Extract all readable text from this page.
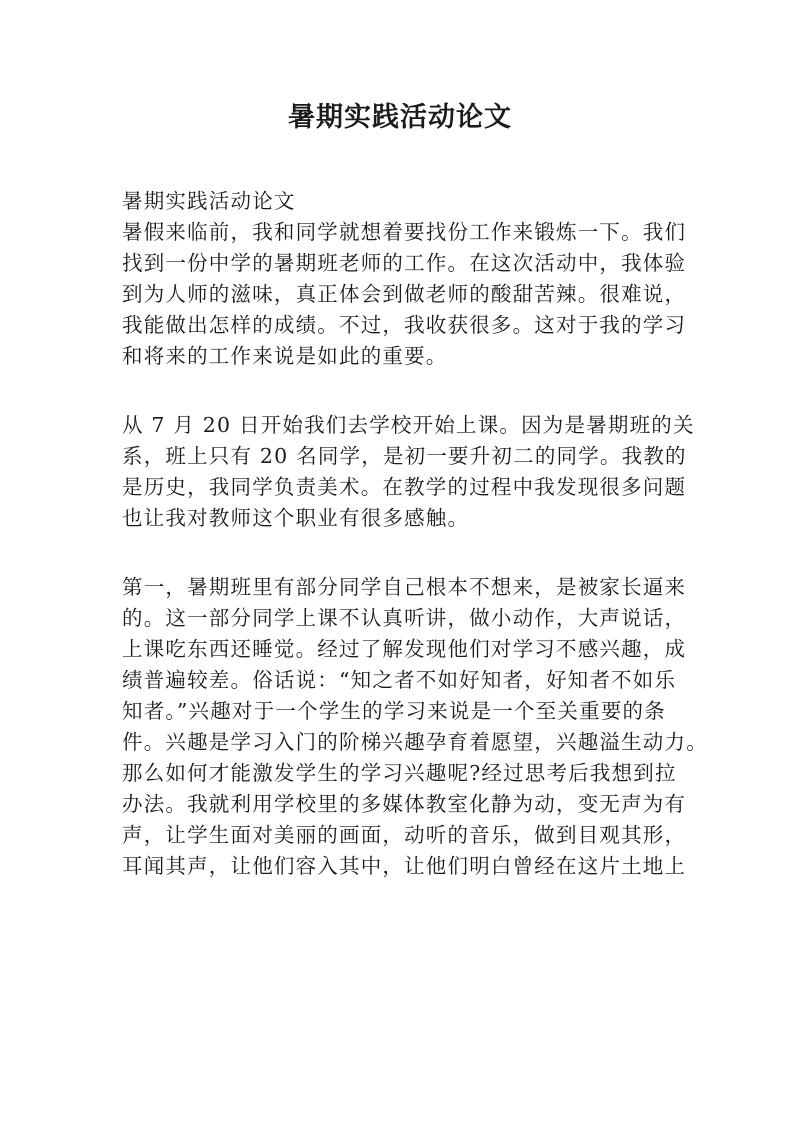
暑期实践活动论文
暑期实践活动论文
暑假来临前，我和同学就想着要找份工作来锻炼一下。我们
找到一份中学的暑期班老师的工作。在这次活动中，我体验
到为人师的滋味，真正体会到做老师的酸甜苦辣。很难说，
我能做出怎样的成绩。不过，我收获很多。这对于我的学习
和将来的工作来说是如此的重要。
从 7 月 20 日开始我们去学校开始上课。因为是暑期班的关
系，班上只有 20 名同学，是初一要升初二的同学。我教的
是历史，我同学负责美术。在教学的过程中我发现很多问题
也让我对教师这个职业有很多感触。
第一，暑期班里有部分同学自己根本不想来，是被家长逼来
的。这一部分同学上课不认真听讲，做小动作，大声说话，
上课吃东西还睡觉。经过了解发现他们对学习不感兴趣，成
绩普遍较差。俗话说：“知之者不如好知者，好知者不如乐
知者。”兴趣对于一个学生的学习来说是一个至关重要的条
件。兴趣是学习入门的阶梯兴趣孕育着愿望，兴趣溢生动力。
那么如何才能激发学生的学习兴趣呢?经过思考后我想到拉
办法。我就利用学校里的多媒体教室化静为动，变无声为有
声，让学生面对美丽的画面，动听的音乐，做到目观其形，
耳闻其声，让他们容入其中，让他们明白曾经在这片土地上
